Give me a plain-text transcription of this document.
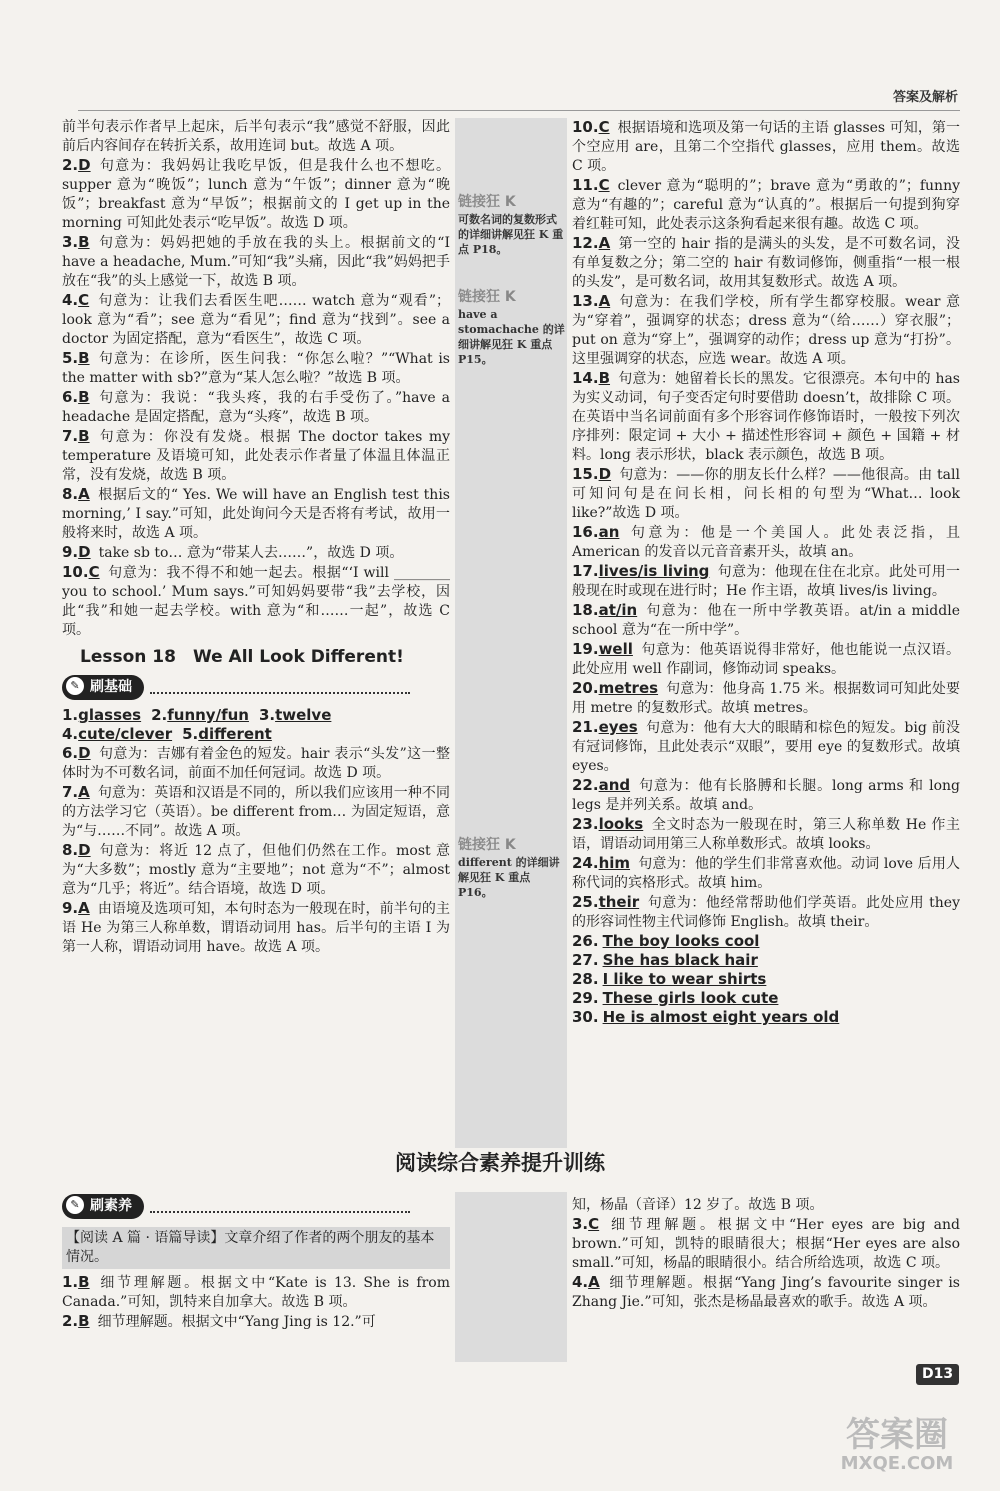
答案及解析

前半句表示作者早上起床，后半句表示“我”感觉不舒服，因此前后内容间存在转折关系，故用连词 but。故选 A 项。

2.D 句意为：我妈妈让我吃早饭，但是我什么也不想吃。supper 意为“晚饭”；lunch 意为“午饭”；dinner 意为“晚饭”；breakfast 意为“早饭”；根据前文的 I get up in the morning 可知此处表示“吃早饭”。故选 D 项。

3.B 句意为：妈妈把她的手放在我的头上。根据前文的“I have a headache, Mum.”可知“我”头痛，因此“我”妈妈把手放在“我”的头上感觉一下，故选 B 项。

4.C 句意为：让我们去看医生吧…… watch 意为“观看”；look 意为“看”；see 意为“看见”；find 意为“找到”。see a doctor 为固定搭配，意为“看医生”，故选 C 项。

5.B 句意为：在诊所，医生问我：“你怎么啦？”“What is the matter with sb?”意为“某人怎么啦？”故选 B 项。

6.B 句意为：我说：“我头疼，我的右手受伤了。”have a headache 是固定搭配，意为“头疼”，故选 B 项。

7.B 句意为：你没有发烧。根据 The doctor takes my temperature 及语境可知，此处表示作者量了体温且体温正常，没有发烧，故选 B 项。

8.A 根据后文的“ Yes. We will have an English test this morning,’ I say.”可知，此处询问今天是否将有考试，故用一般将来时，故选 A 项。

9.D take sb to… 意为“带某人去……”，故选 D 项。

10.C 句意为：我不得不和她一起去。根据“‘I will ________ you to school.’ Mum says.”可知妈妈要带“我”去学校，因此“我”和她一起去学校。with 意为“和……一起”，故选 C 项。

Lesson 18　We All Look Different!
✎ 刷基础
1.glasses 2.funny/fun 3.twelve
4.cute/clever 5.different

6.D 句意为：吉娜有着金色的短发。hair 表示“头发”这一整体时为不可数名词，前面不加任何冠词。故选 D 项。

7.A 句意为：英语和汉语是不同的，所以我们应该用一种不同的方法学习它（英语）。be different from… 为固定短语，意为“与……不同”。故选 A 项。

8.D 句意为：将近 12 点了，但他们仍然在工作。most 意为“大多数”；mostly 意为“主要地”；not 意为“不”；almost 意为“几乎；将近”。结合语境，故选 D 项。

9.A 由语境及选项可知，本句时态为一般现在时，前半句的主语 He 为第三人称单数，谓语动词用 has。后半句的主语 I 为第一人称，谓语动词用 have。故选 A 项。

链接狂 K
可数名词的复数形式的详细讲解见狂 K 重点 P18。
链接狂 K
have a stomachache 的详细讲解见狂 K 重点 P15。
链接狂 K
different 的详细讲解见狂 K 重点 P16。

10.C 根据语境和选项及第一句话的主语 glasses 可知，第一个空应用 are，且第二个空指代 glasses，应用 them。故选 C 项。

11.C clever 意为“聪明的”；brave 意为“勇敢的”；funny 意为“有趣的”；careful 意为“认真的”。根据后一句提到狗穿着红鞋可知，此处表示这条狗看起来很有趣。故选 C 项。

12.A 第一空的 hair 指的是满头的头发，是不可数名词，没有单复数之分；第二空的 hair 有数词修饰，侧重指“一根一根的头发”，是可数名词，故用其复数形式。故选 A 项。

13.A 句意为：在我们学校，所有学生都穿校服。wear 意为“穿着”，强调穿的状态；dress 意为“（给……）穿衣服”；put on 意为“穿上”，强调穿的动作；dress up 意为“打扮”。这里强调穿的状态，应选 wear。故选 A 项。

14.B 句意为：她留着长长的黑发。它很漂亮。本句中的 has 为实义动词，句子变否定句时要借助 doesn’t，故排除 C 项。在英语中当名词前面有多个形容词作修饰语时，一般按下列次序排列：限定词 + 大小 + 描述性形容词 + 颜色 + 国籍 + 材料。long 表示形状，black 表示颜色，故选 B 项。

15.D 句意为：——你的朋友长什么样？——他很高。由 tall 可知问句是在问长相，问长相的句型为“What… look like?”故选 D 项。

16.an 句意为：他是一个美国人。此处表泛指，且 American 的发音以元音音素开头，故填 an。

17.lives/is living 句意为：他现在住在北京。此处可用一般现在时或现在进行时；He 作主语，故填 lives/is living。

18.at/in 句意为：他在一所中学教英语。at/in a middle school 意为“在一所中学”。

19.well 句意为：他英语说得非常好，他也能说一点汉语。此处应用 well 作副词，修饰动词 speaks。

20.metres 句意为：他身高 1.75 米。根据数词可知此处要用 metre 的复数形式。故填 metres。

21.eyes 句意为：他有大大的眼睛和棕色的短发。big 前没有冠词修饰，且此处表示“双眼”，要用 eye 的复数形式。故填 eyes。

22.and 句意为：他有长胳膊和长腿。long arms 和 long legs 是并列关系。故填 and。

23.looks 全文时态为一般现在时，第三人称单数 He 作主语，谓语动词用第三人称单数形式。故填 looks。

24.him 句意为：他的学生们非常喜欢他。动词 love 后用人称代词的宾格形式。故填 him。

25.their 句意为：他经常帮助他们学英语。此处应用 they 的形容词性物主代词修饰 English。故填 their。

26. The boy looks cool
27. She has black hair
28. I like to wear shirts
29. These girls look cute
30. He is almost eight years old
阅读综合素养提升训练
✎ 刷素养
【阅读 A 篇 · 语篇导读】文章介绍了作者的两个朋友的基本情况。

1.B 细节理解题。根据文中“Kate is 13. She is from Canada.”可知，凯特来自加拿大。故选 B 项。

2.B 细节理解题。根据文中“Yang Jing is 12.”可

知，杨晶（音译）12 岁了。故选 B 项。

3.C 细节理解题。根据文中“Her eyes are big and brown.”可知，凯特的眼睛很大；根据“Her eyes are also small.”可知，杨晶的眼睛很小。结合所给选项，故选 C 项。

4.A 细节理解题。根据“Yang Jing’s favourite singer is Zhang Jie.”可知，张杰是杨晶最喜欢的歌手。故选 A 项。

D13
答案圈
MXQE.COM
